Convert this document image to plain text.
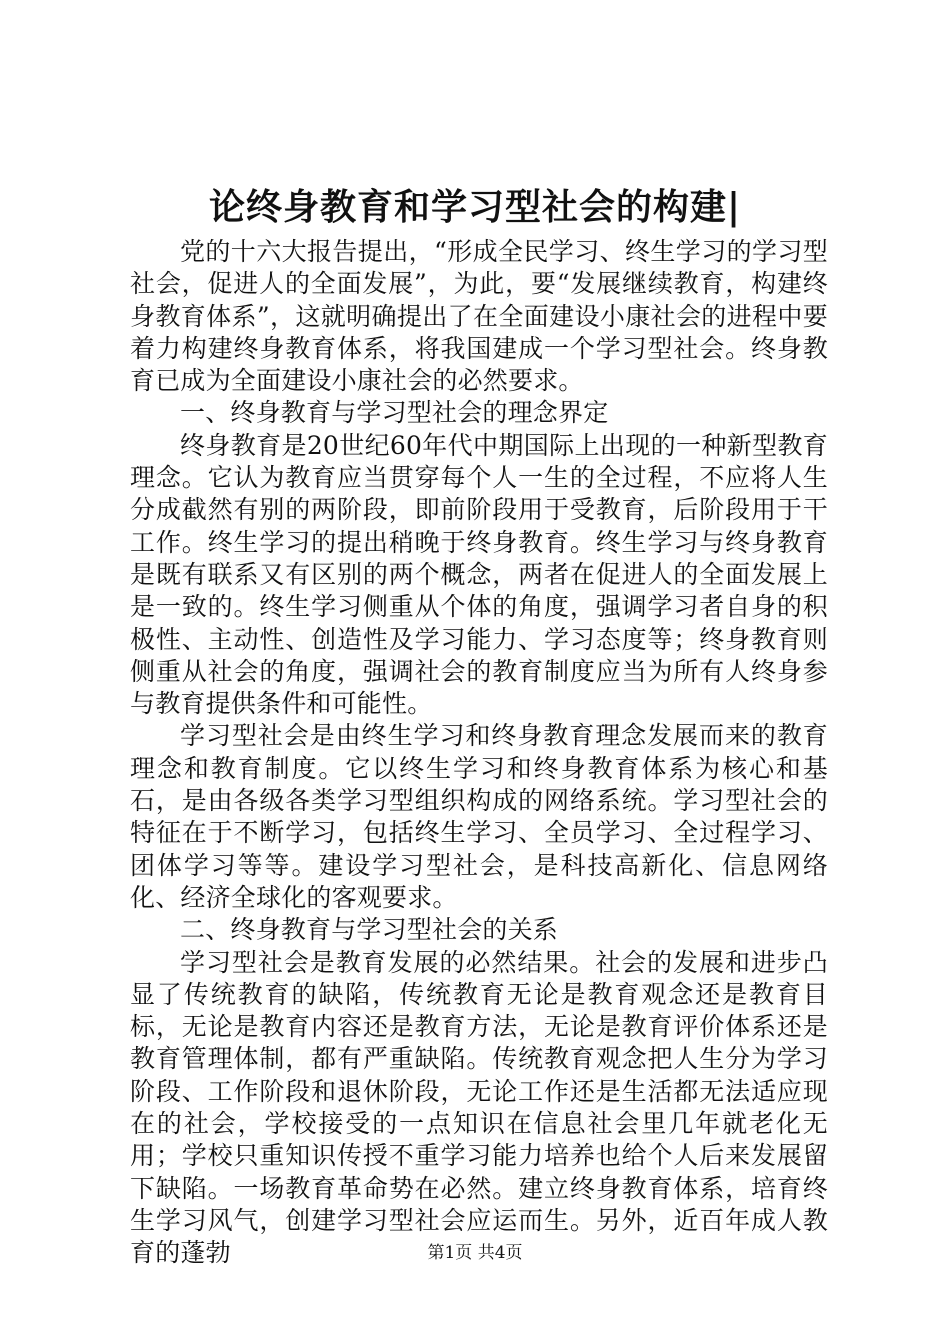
论终身教育和学习型社会的构建|

党的十六大报告提出，“形成全民学习、终生学习的学习型社会，促进人的全面发展”，为此，要“发展继续教育，构建终身教育体系”，这就明确提出了在全面建设小康社会的进程中要着力构建终身教育体系，将我国建成一个学习型社会。终身教育已成为全面建设小康社会的必然要求。

一、终身教育与学习型社会的理念界定

终身教育是20世纪60年代中期国际上出现的一种新型教育理念。它认为教育应当贯穿每个人一生的全过程，不应将人生分成截然有别的两阶段，即前阶段用于受教育，后阶段用于干工作。终生学习的提出稍晚于终身教育。终生学习与终身教育是既有联系又有区别的两个概念，两者在促进人的全面发展上是一致的。终生学习侧重从个体的角度，强调学习者自身的积极性、主动性、创造性及学习能力、学习态度等；终身教育则侧重从社会的角度，强调社会的教育制度应当为所有人终身参与教育提供条件和可能性。

学习型社会是由终生学习和终身教育理念发展而来的教育理念和教育制度。它以终生学习和终身教育体系为核心和基石，是由各级各类学习型组织构成的网络系统。学习型社会的特征在于不断学习，包括终生学习、全员学习、全过程学习、团体学习等等。建设学习型社会，是科技高新化、信息网络化、经济全球化的客观要求。

二、终身教育与学习型社会的关系

学习型社会是教育发展的必然结果。社会的发展和进步凸显了传统教育的缺陷，传统教育无论是教育观念还是教育目标，无论是教育内容还是教育方法，无论是教育评价体系还是教育管理体制，都有严重缺陷。传统教育观念把人生分为学习阶段、工作阶段和退休阶段，无论工作还是生活都无法适应现在的社会，学校接受的一点知识在信息社会里几年就老化无用；学校只重知识传授不重学习能力培养也给个人后来发展留下缺陷。一场教育革命势在必然。建立终身教育体系，培育终生学习风气，创建学习型社会应运而生。另外，近百年成人教育的蓬勃	第1页 共4页
